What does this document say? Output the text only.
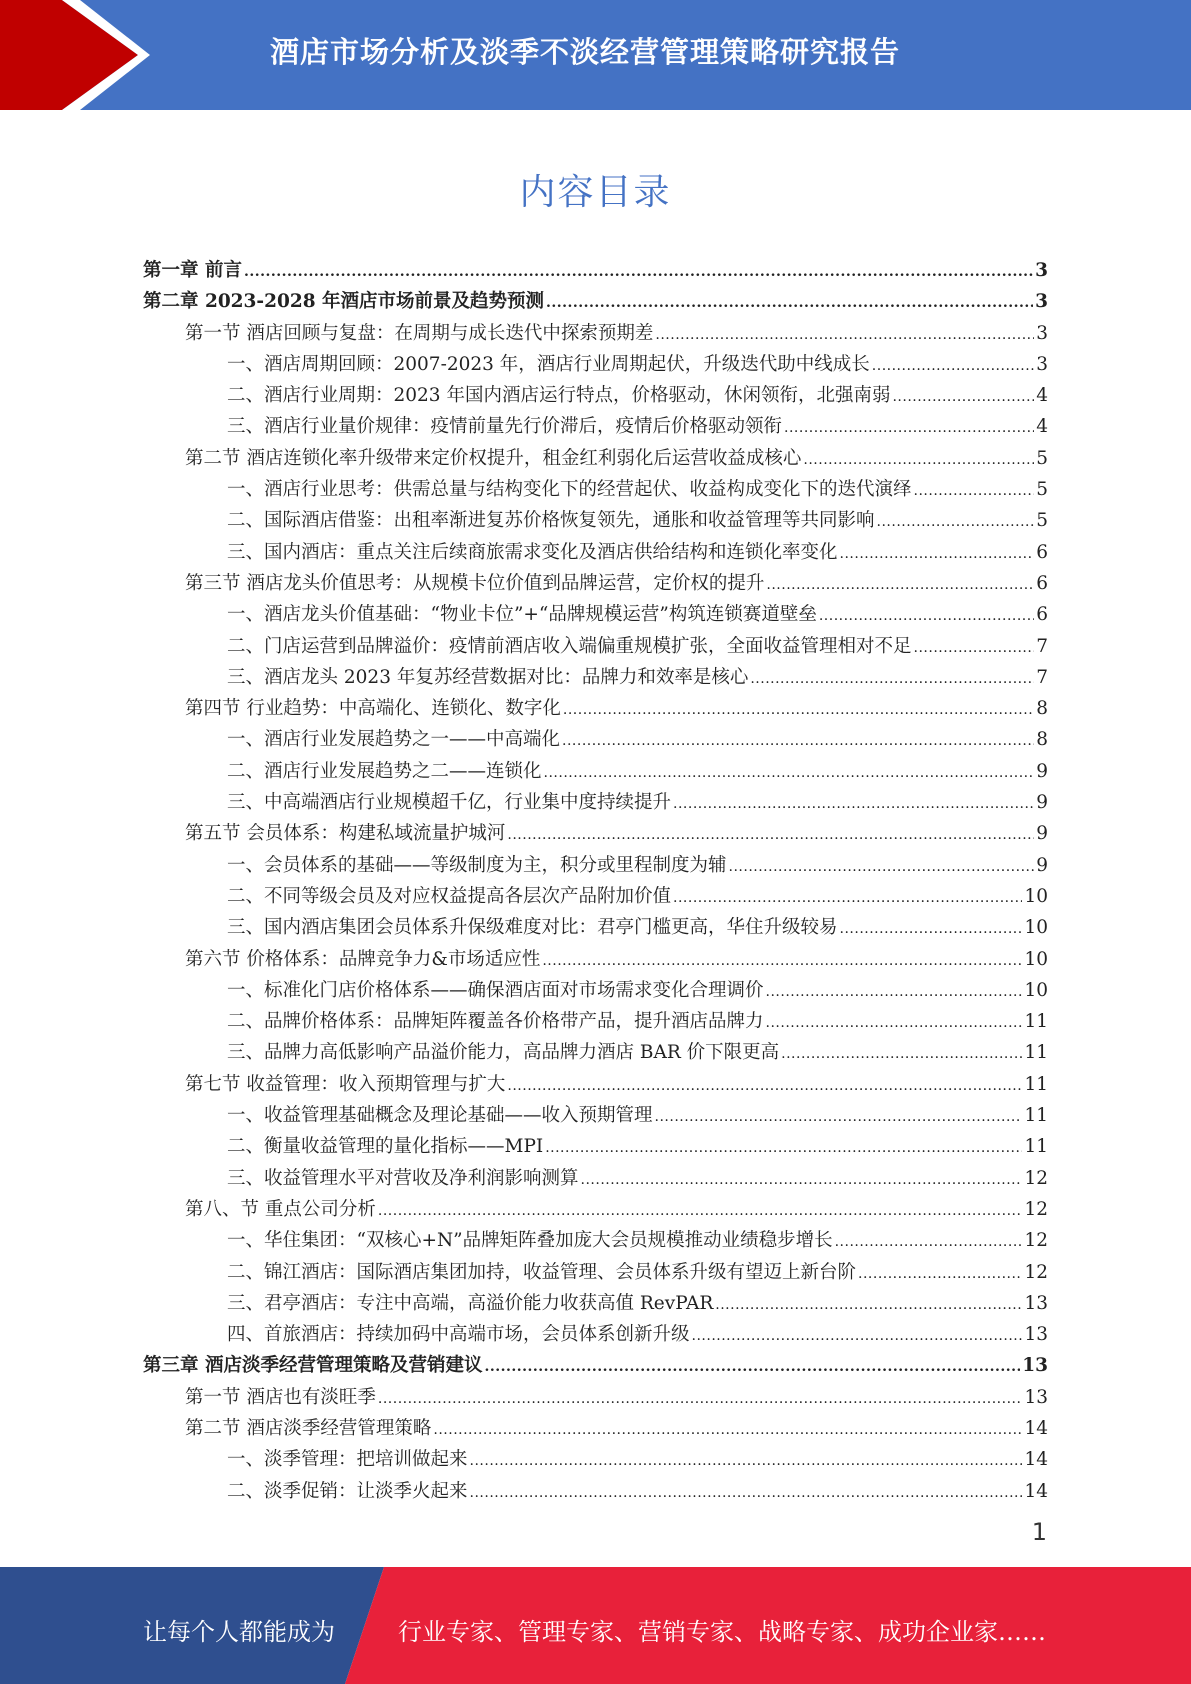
酒店市场分析及淡季不淡经营管理策略研究报告
内容目录
第一章 前言 .....	3
第二章 2023-2028 年酒店市场前景及趋势预测 .....	3
第一节 酒店回顾与复盘：在周期与成长迭代中探索预期差 .....	3
一、酒店周期回顾：2007-2023 年，酒店行业周期起伏，升级迭代助中线成长 .....	3
二、酒店行业周期：2023 年国内酒店运行特点，价格驱动，休闲领衔，北强南弱 .....	4
三、酒店行业量价规律：疫情前量先行价滞后，疫情后价格驱动领衔 .....	4
第二节 酒店连锁化率升级带来定价权提升，租金红利弱化后运营收益成核心 .....	5
一、酒店行业思考：供需总量与结构变化下的经营起伏、收益构成变化下的迭代演绎 .....	5
二、国际酒店借鉴：出租率渐进复苏价格恢复领先，通胀和收益管理等共同影响 .....	5
三、国内酒店：重点关注后续商旅需求变化及酒店供给结构和连锁化率变化 .....	6
第三节 酒店龙头价值思考：从规模卡位价值到品牌运营，定价权的提升 .....	6
一、酒店龙头价值基础：“物业卡位”+“品牌规模运营”构筑连锁赛道壁垒 .....	6
二、门店运营到品牌溢价：疫情前酒店收入端偏重规模扩张，全面收益管理相对不足 .....	7
三、酒店龙头 2023 年复苏经营数据对比：品牌力和效率是核心 .....	7
第四节 行业趋势：中高端化、连锁化、数字化 .....	8
一、酒店行业发展趋势之一——中高端化 .....	8
二、酒店行业发展趋势之二——连锁化 .....	9
三、中高端酒店行业规模超千亿，行业集中度持续提升 .....	9
第五节 会员体系：构建私域流量护城河 .....	9
一、会员体系的基础——等级制度为主，积分或里程制度为辅 .....	9
二、不同等级会员及对应权益提高各层次产品附加价值 .....	10
三、国内酒店集团会员体系升保级难度对比：君亭门槛更高，华住升级较易 .....	10
第六节 价格体系：品牌竞争力&市场适应性 .....	10
一、标准化门店价格体系——确保酒店面对市场需求变化合理调价 .....	10
二、品牌价格体系：品牌矩阵覆盖各价格带产品，提升酒店品牌力 .....	11
三、品牌力高低影响产品溢价能力，高品牌力酒店 BAR 价下限更高 .....	11
第七节 收益管理：收入预期管理与扩大 .....	11
一、收益管理基础概念及理论基础——收入预期管理 .....	11
二、衡量收益管理的量化指标——MPI .....	11
三、收益管理水平对营收及净利润影响测算 .....	12
第八、节 重点公司分析 .....	12
一、华住集团：“双核心+N”品牌矩阵叠加庞大会员规模推动业绩稳步增长 .....	12
二、锦江酒店：国际酒店集团加持，收益管理、会员体系升级有望迈上新台阶 .....	12
三、君亭酒店：专注中高端，高溢价能力收获高值 RevPAR .....	13
四、首旅酒店：持续加码中高端市场，会员体系创新升级 .....	13
第三章 酒店淡季经营管理策略及营销建议 .....	13
第一节 酒店也有淡旺季 .....	13
第二节 酒店淡季经营管理策略 .....	14
一、淡季管理：把培训做起来 .....	14
二、淡季促销：让淡季火起来 .....	14
1
让每个人都能成为	行业专家、管理专家、营销专家、战略专家、成功企业家……
